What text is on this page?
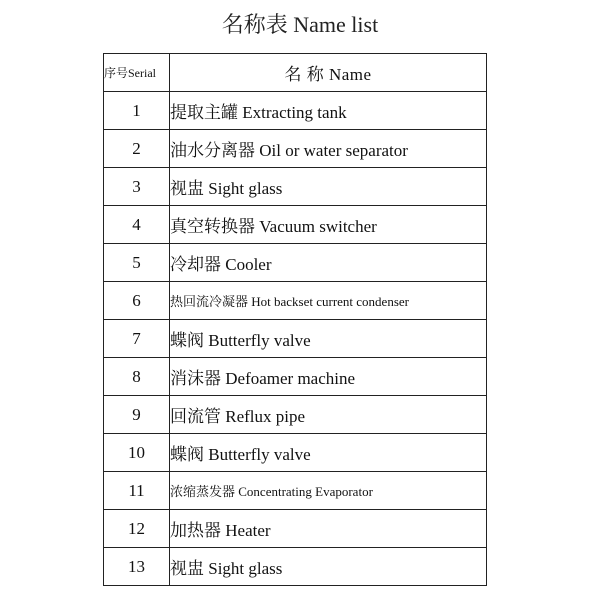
名称表 Name list
序号Serial	名 称 Name
1	提取主罐 Extracting tank
2	油水分离器 Oil or water separator
3	视盅 Sight glass
4	真空转换器 Vacuum switcher
5	冷却器 Cooler
6	热回流冷凝器 Hot backset current condenser
7	蝶阀 Butterfly valve
8	消沫器 Defoamer machine
9	回流管 Reflux pipe
10	蝶阀 Butterfly valve
11	浓缩蒸发器 Concentrating Evaporator
12	加热器 Heater
13	视盅 Sight glass
